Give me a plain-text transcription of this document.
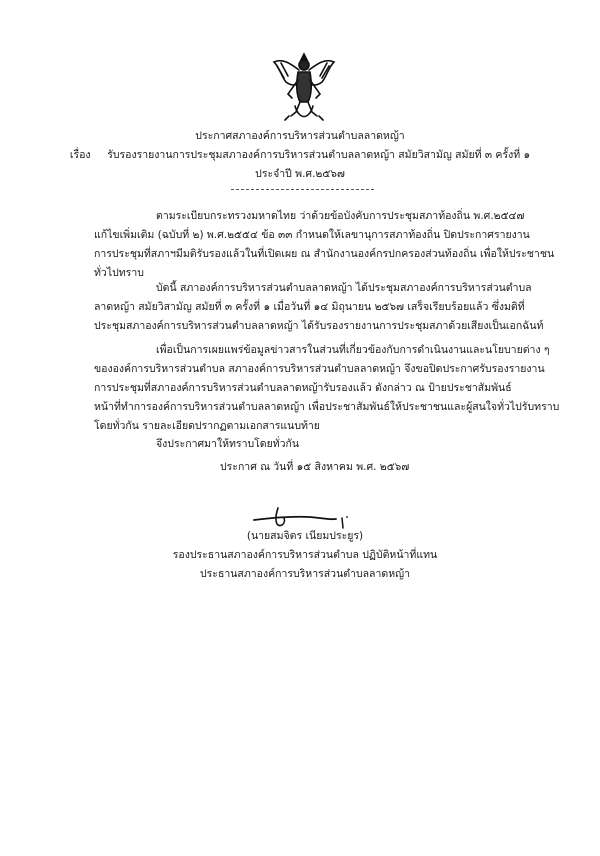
ประกาศสภาองค์การบริหารส่วนตำบลลาดหญ้า
เรื่อง รับรองรายงานการประชุมสภาองค์การบริหารส่วนตำบลลาดหญ้า สมัยวิสามัญ สมัยที่ ๓ ครั้งที่ ๑
ประจำปี พ.ศ.๒๕๖๗
ตามระเบียบกระทรวงมหาดไทย ว่าด้วยข้อบังคับการประชุมสภาท้องถิ่น พ.ศ.๒๕๔๗
แก้ไขเพิ่มเติม (ฉบับที่ ๒) พ.ศ.๒๕๕๔ ข้อ ๓๓ กำหนดให้เลขานุการสภาท้องถิ่น ปิดประกาศรายงาน
การประชุมที่สภาฯมีมติรับรองแล้วในที่เปิดเผย ณ สำนักงานองค์กรปกครองส่วนท้องถิ่น เพื่อให้ประชาชน
ทั่วไปทราบ
บัดนี้ สภาองค์การบริหารส่วนตำบลลาดหญ้า ได้ประชุมสภาองค์การบริหารส่วนตำบล
ลาดหญ้า สมัยวิสามัญ สมัยที่ ๓ ครั้งที่ ๑ เมื่อวันที่ ๑๔ มิถุนายน ๒๕๖๗ เสร็จเรียบร้อยแล้ว ซึ่งมติที่
ประชุมสภาองค์การบริหารส่วนตำบลลาดหญ้า ได้รับรองรายงานการประชุมสภาด้วยเสียงเป็นเอกฉันท์
เพื่อเป็นการเผยแพร่ข้อมูลข่าวสารในส่วนที่เกี่ยวข้องกับการดำเนินงานและนโยบายต่าง ๆ
ขององค์การบริหารส่วนตำบล สภาองค์การบริหารส่วนตำบลลาดหญ้า จึงขอปิดประกาศรับรองรายงาน
การประชุมที่สภาองค์การบริหารส่วนตำบลลาดหญ้ารับรองแล้ว ดังกล่าว ณ ป้ายประชาสัมพันธ์
หน้าที่ทำการองค์การบริหารส่วนตำบลลาดหญ้า เพื่อประชาสัมพันธ์ให้ประชาชนและผู้สนใจทั่วไปรับทราบ
โดยทั่วกัน รายละเอียดปรากฏตามเอกสารแนบท้าย
จึงประกาศมาให้ทราบโดยทั่วกัน
ประกาศ ณ วันที่ ๑๕ สิงหาคม พ.ศ. ๒๕๖๗
(นายสมจิตร เนียมประยูร)
รองประธานสภาองค์การบริหารส่วนตำบล ปฏิบัติหน้าที่แทน
ประธานสภาองค์การบริหารส่วนตำบลลาดหญ้า
